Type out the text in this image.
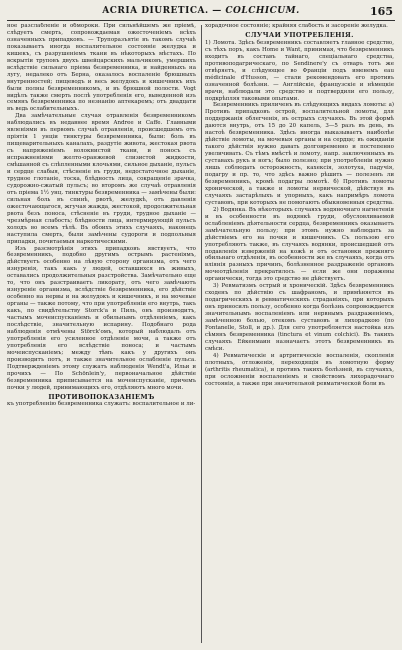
ACRIA DIURETICA. — COLCHICUM.	165

ное разслабленіе и обмороки. При сильнѣйшемъ же пріемѣ, слѣдуетъ смерть, сопровождаемая ожесточеніемъ всѣхъ означенныхъ припадковъ. — Трупоразъятіе въ такомъ случаѣ показываетъ иногда воспалительное состояніе желудка и кишекъ, съ разрушеніемъ ткани въ нѣкоторыхъ мѣстахъ. По вскрытіи труповъ двухъ швейцарскихъ мальчиковъ, умершихъ вслѣдствіе сильнаго пріема безвременника, и найденныхъ на лугу, недалеко отъ Берна, оказалось воспаленіе брюшныхъ внутренностей; пищеводъ и весь желудокъ и кишечникъ ихъ были полны безвременникомъ, и въ брюшной полости. Vogt видѣлъ также смерть послѣ употребленія его, выведенной изъ семянъ безвременника по незнанію аптекаремъ; отъ двадцати въ ведь ослабительныхъ.

Два замѣчательные случая отравленія безвременникомъ наблюдались въ недавнее время Andree и Caffe. Главными явленіями въ первомъ случаѣ отравленія, происшедшемъ отъ пріятія 1 унціи тинктуры безвременника, были: боль въ пищеварительныхъ каналахъ, раздутіе живота, жестокая рвота съ напряженіемъ волокнистой ткани, и поносъ съ испражненіями желто-оранжевой слизистой жидкости, смѣшанной съ слѣпленными клочьями, сильное дыханіе, пульсъ и сердце слабыя, стѣсненіе въ груди, недостаточное дыханіе, трудное глотаніе, тоска, блѣдность лица, сокращеніе зрачка, судорожно-сжатый пульсъ; во второмъ же случаѣ отравленія отъ пріема 1½ унц. тинктуры безвременника — замѣчены были: сильная боль въ спинѣ, рвотѣ, желудкѣ, отъ давленія ожесточающагося, жгучая жажда, жестокой, продолжительная рвота безъ поноса, стѣсненіе въ груди, трудное дыханіе — чрезмѣрная слабость; блѣдности лица, интермирующій пульсъ холодъ во всемъ тѣлѣ. Въ обоихъ этихъ случаяхъ, наконецъ наступила смерть, были замѣчены судороги и подпольныя припадки, почитаемыя наркотическими.

Изъ разсмотрѣнія этихъ припадковъ явствуетъ, что безвременникъ, подобно другимъ острымъ растеніямъ, дѣйствуетъ особенно на лѣвую сторону организма, отъ чего изнуренія, такъ какъ у людей, оставшихся въ живыхъ, оставались продолжительныя разстройства. Замѣчательно еще то, что онъ разстраиваетъ ликорату, отъ чего замѣчаютъ изнуреніе организма, вслѣдствіе безвременника, его дѣйствіе особенно на нервы и на желудокъ и кишечникъ, и на мочевые органы — также потому, что при употребленіи его внутрь, такъ какъ, по свидѣтельству Storck'а и Пиль, онъ производитъ, частымъ мочеиспусканіемъ и обильнымъ отдѣленіемъ, какъ послѣдствіе, значительную испарину. Подобнаго рода наблюденія отмѣчены Störck'омъ, который наблюдалъ отъ употребленія его усиленное отдѣленіе мочи, а также отъ употребленія его вслѣдствіе поноса; и частымъ мочеиспусканіемъ; между тѣмъ какъ у другихъ онъ производитъ потъ, и также значительное ослабленіе пульса. Подтвержденіемъ этому служатъ наблюденія Wendt'a, Ильи и прочихъ — По Schönlein'у, первоначальное дѣйствіе безвременника приписывается на мочеиспусканіе, причемъ почки у людей, принимающихъ его, отдѣляютъ много мочи.

ПРОТИВОПОКАЗАНІЕМЪ
къ употребленію безвременника служатъ: воспалительное и ли-

хорадочное состояніе; крайняя слабость и засореніе желудка.

СЛУЧАИ УПОТРЕБЛЕНІЯ.
1) Ломота. Здѣсь безвременникъ составляетъ главное средство, съ тѣхъ поръ, какъ Home и Want, принимая, что безвременникъ входитъ въ составъ тайнаго, спеціальнаго средства, противоподагрическаго, по Sendinerе'у съ отваръ тотъ же отвѣряетъ, и слѣдующее во Франціи подъ именемъ eau médicinale d'Husson, — стали рекомендовать его противъ означенной болѣзни. — Англійскіе, французскіе и нѣмецкіе врачи, наблюдали это средство и подтвердили его пользу, подкрѣпляя таковыми опытами.

Безвременникъ приличенъ въ слѣдующихъ видахъ ломоты: а) Противъ припадковъ острой, воспалительной ломоты, для поддержанія облегченія, въ острыхъ случаяхъ. Въ этой формѣ даются внутрь, отъ 15 до 20 капель, 3—5 разъ въ день, въ настоѣ безвременника. Здѣсь иногда выказываетъ наиболѣе дѣйствіе ломоты, на мочевыя органы и на сердце; въ ожиданіи такого дѣйствія нужно давать долговременно и постепенно увеличивать. Съ тѣмъ вмѣстѣ и ломоту, напр. заключенныхъ въ суставахъ рукъ и ногъ; было полезно; при употребленіи нужно лишь соблюдать осторожность, кахексія, золотуха, падучія, подагру и пр. то, что здѣсь важно рѣшить — полезенъ ли безвременникъ, кромѣ подагры ломотѣ. б) Противъ ломоты хронической, а также и ломоты нервической, дѣйствуя въ случаяхъ застарѣлыхъ и упорныхъ, какъ напримѣръ ломота суставовъ, при которыхъ не помогаютъ обыкновенныя средства.

2) Водянка. Въ нѣкоторыхъ случаяхъ водяночнаго нагнетенія и въ особенности въ водянкѣ груди, обусловливаемой ослабленіемъ дѣятельности сердца, безвременникъ оказываетъ замѣчательную пользу; при этомъ нужно наблюдать за дѣйствіемъ его на почки и кишечникъ. Съ пользою его употребляютъ также, въ случаяхъ водянки, происшедшей отъ подавленія изверженій на кожѣ и отъ остановки прежняго обильнаго отдѣленія, въ особенности же въ случаяхъ, когда отъ вліянія разныхъ причинъ, болѣзненное раздраженіе органовъ мочеотдѣленія прекратилось — если же они поражены органически, тогда это средство не дѣйствуетъ.

3) Ревматизмъ острый и хроническій. Здѣсь безвременникъ сходенъ по дѣйствію съ шафраномъ, и примѣняется въ подагрическихъ и ревматическихъ страданіяхъ, при которыхъ онъ приносилъ пользу, особенно когда болѣзнь сопровождается значительнымъ воспаленіемъ или нервнымъ раздраженіемъ, замѣченною болью, отекомъ суставовъ и лихорадкою (по Fontanelle, Stoll, и др.). Для сего употребляется настойка изъ сѣмянъ безвременника (tinctura et vinum colchici). Въ такихъ случаяхъ Ейкенмаин назначаетъ этотъ безвременникъ въ смѣси.

4) Ревматическіе и артритическіе воспаленія, скопленія плотныхъ, отложенія, переходящія въ ломотную форму (arthritis rheumatica), и противъ такихъ болѣзней, въ случаяхъ, при осложненіи воспаленіемъ и свойствомъ лихорадочнаго состоянія, а также при значительной ревматической боли въ
